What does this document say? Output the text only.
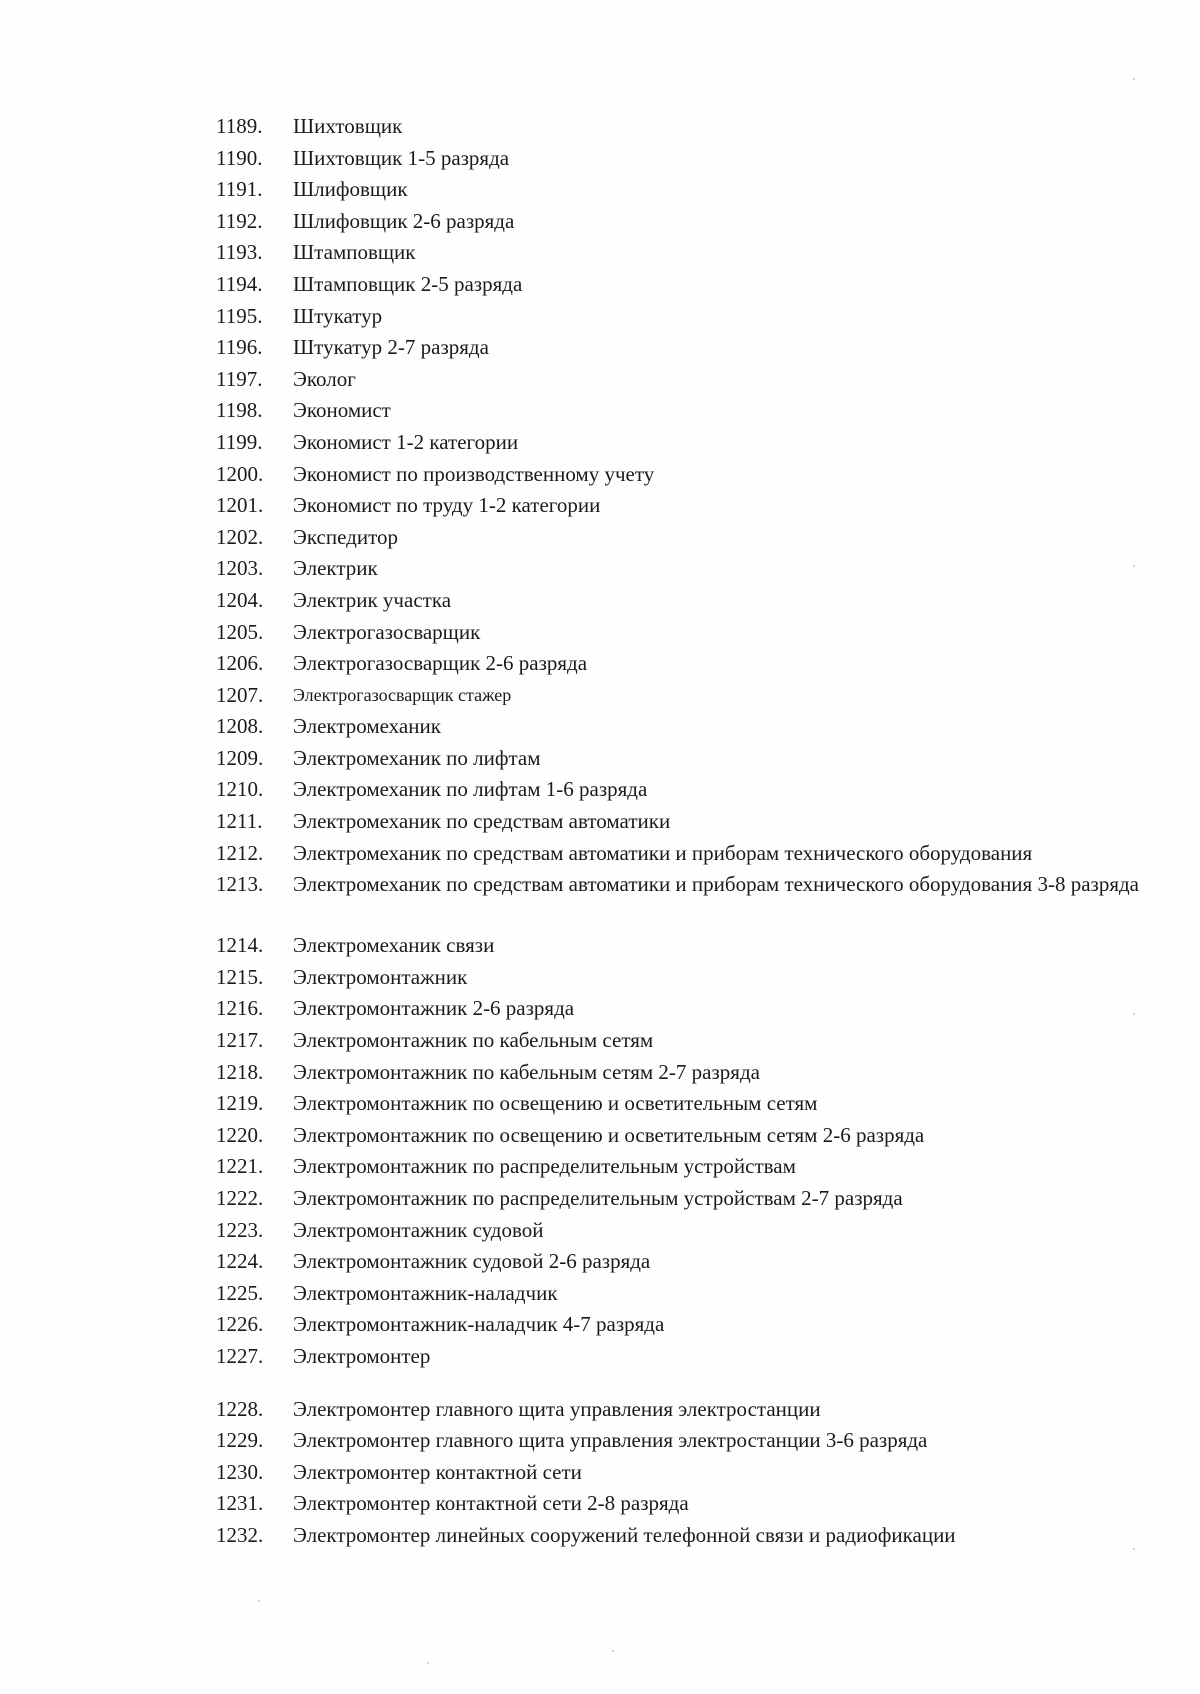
1189.	Шихтовщик
1190.	Шихтовщик 1-5 разряда
1191.	Шлифовщик
1192.	Шлифовщик 2-6 разряда
1193.	Штамповщик
1194.	Штамповщик 2-5 разряда
1195.	Штукатур
1196.	Штукатур 2-7 разряда
1197.	Эколог
1198.	Экономист
1199.	Экономист 1-2 категории
1200.	Экономист по производственному учету
1201.	Экономист по труду 1-2 категории
1202.	Экспедитор
1203.	Электрик
1204.	Электрик участка
1205.	Электрогазосварщик
1206.	Электрогазосварщик 2-6 разряда
1207.	Электрогазосварщик стажер
1208.	Электромеханик
1209.	Электромеханик по лифтам
1210.	Электромеханик по лифтам 1-6 разряда
1211.	Электромеханик по средствам автоматики
1212.	Электромеханик по средствам автоматики и приборам технического оборудования
1213.	Электромеханик по средствам автоматики и приборам технического оборудования 3-8 разряда
1214.	Электромеханик связи
1215.	Электромонтажник
1216.	Электромонтажник 2-6 разряда
1217.	Электромонтажник по кабельным сетям
1218.	Электромонтажник по кабельным сетям 2-7 разряда
1219.	Электромонтажник по освещению и осветительным сетям
1220.	Электромонтажник по освещению и осветительным сетям 2-6 разряда
1221.	Электромонтажник по распределительным устройствам
1222.	Электромонтажник по распределительным устройствам 2-7 разряда
1223.	Электромонтажник судовой
1224.	Электромонтажник судовой 2-6 разряда
1225.	Электромонтажник-наладчик
1226.	Электромонтажник-наладчик 4-7 разряда
1227.	Электромонтер
1228.	Электромонтер главного щита управления электростанции
1229.	Электромонтер главного щита управления электростанции 3-6 разряда
1230.	Электромонтер контактной сети
1231.	Электромонтер контактной сети 2-8 разряда
1232.	Электромонтер линейных сооружений телефонной связи и радиофикации
